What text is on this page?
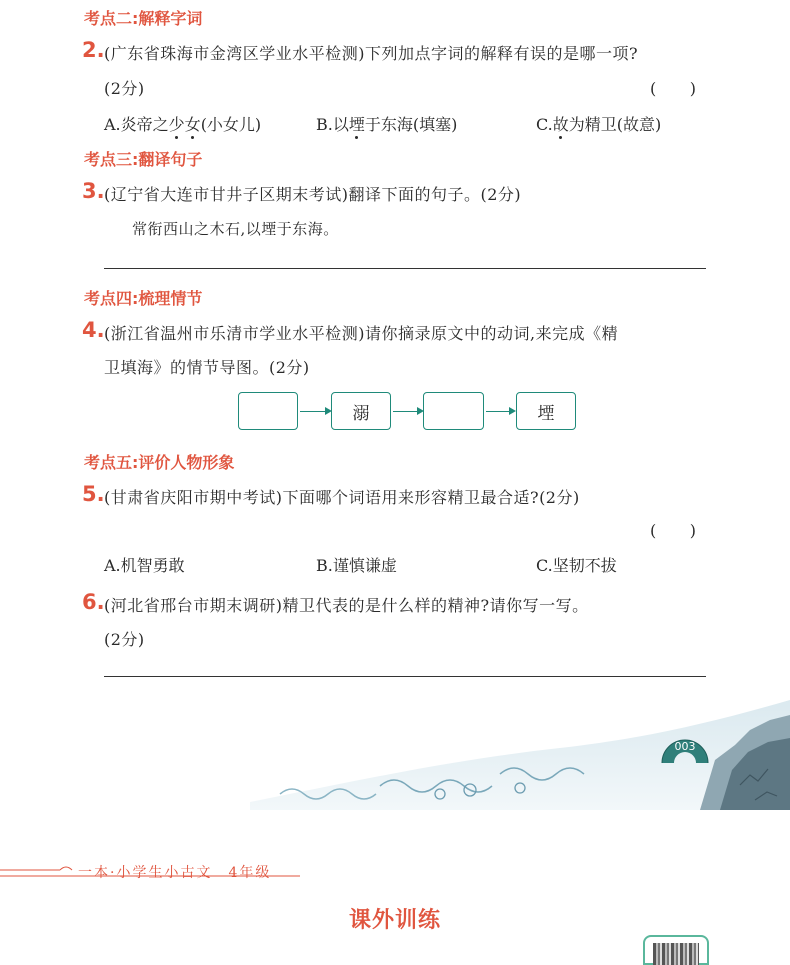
考点二:解释字词
2. (广东省珠海市金湾区学业水平检测)下列加点字词的解释有误的是哪一项?
(2分)	(　　)
A.炎帝之少女(小女儿)	B.以堙于东海(填塞)	C.故为精卫(故意)
考点三:翻译句子
3. (辽宁省大连市甘井子区期末考试)翻译下面的句子。(2分)
常衔西山之木石,以堙于东海。
考点四:梳理情节
4. (浙江省温州市乐清市学业水平检测)请你摘录原文中的动词,来完成《精
卫填海》的情节导图。(2分)
溺	堙
考点五:评价人物形象
5. (甘肃省庆阳市期中考试)下面哪个词语用来形容精卫最合适?(2分)
(　　)
A.机智勇敢	B.谨慎谦虚	C.坚韧不拔
6. (河北省邢台市期末调研)精卫代表的是什么样的精神?请你写一写。
(2分)
003
一本·小学生小古文　4年级
课外训练
